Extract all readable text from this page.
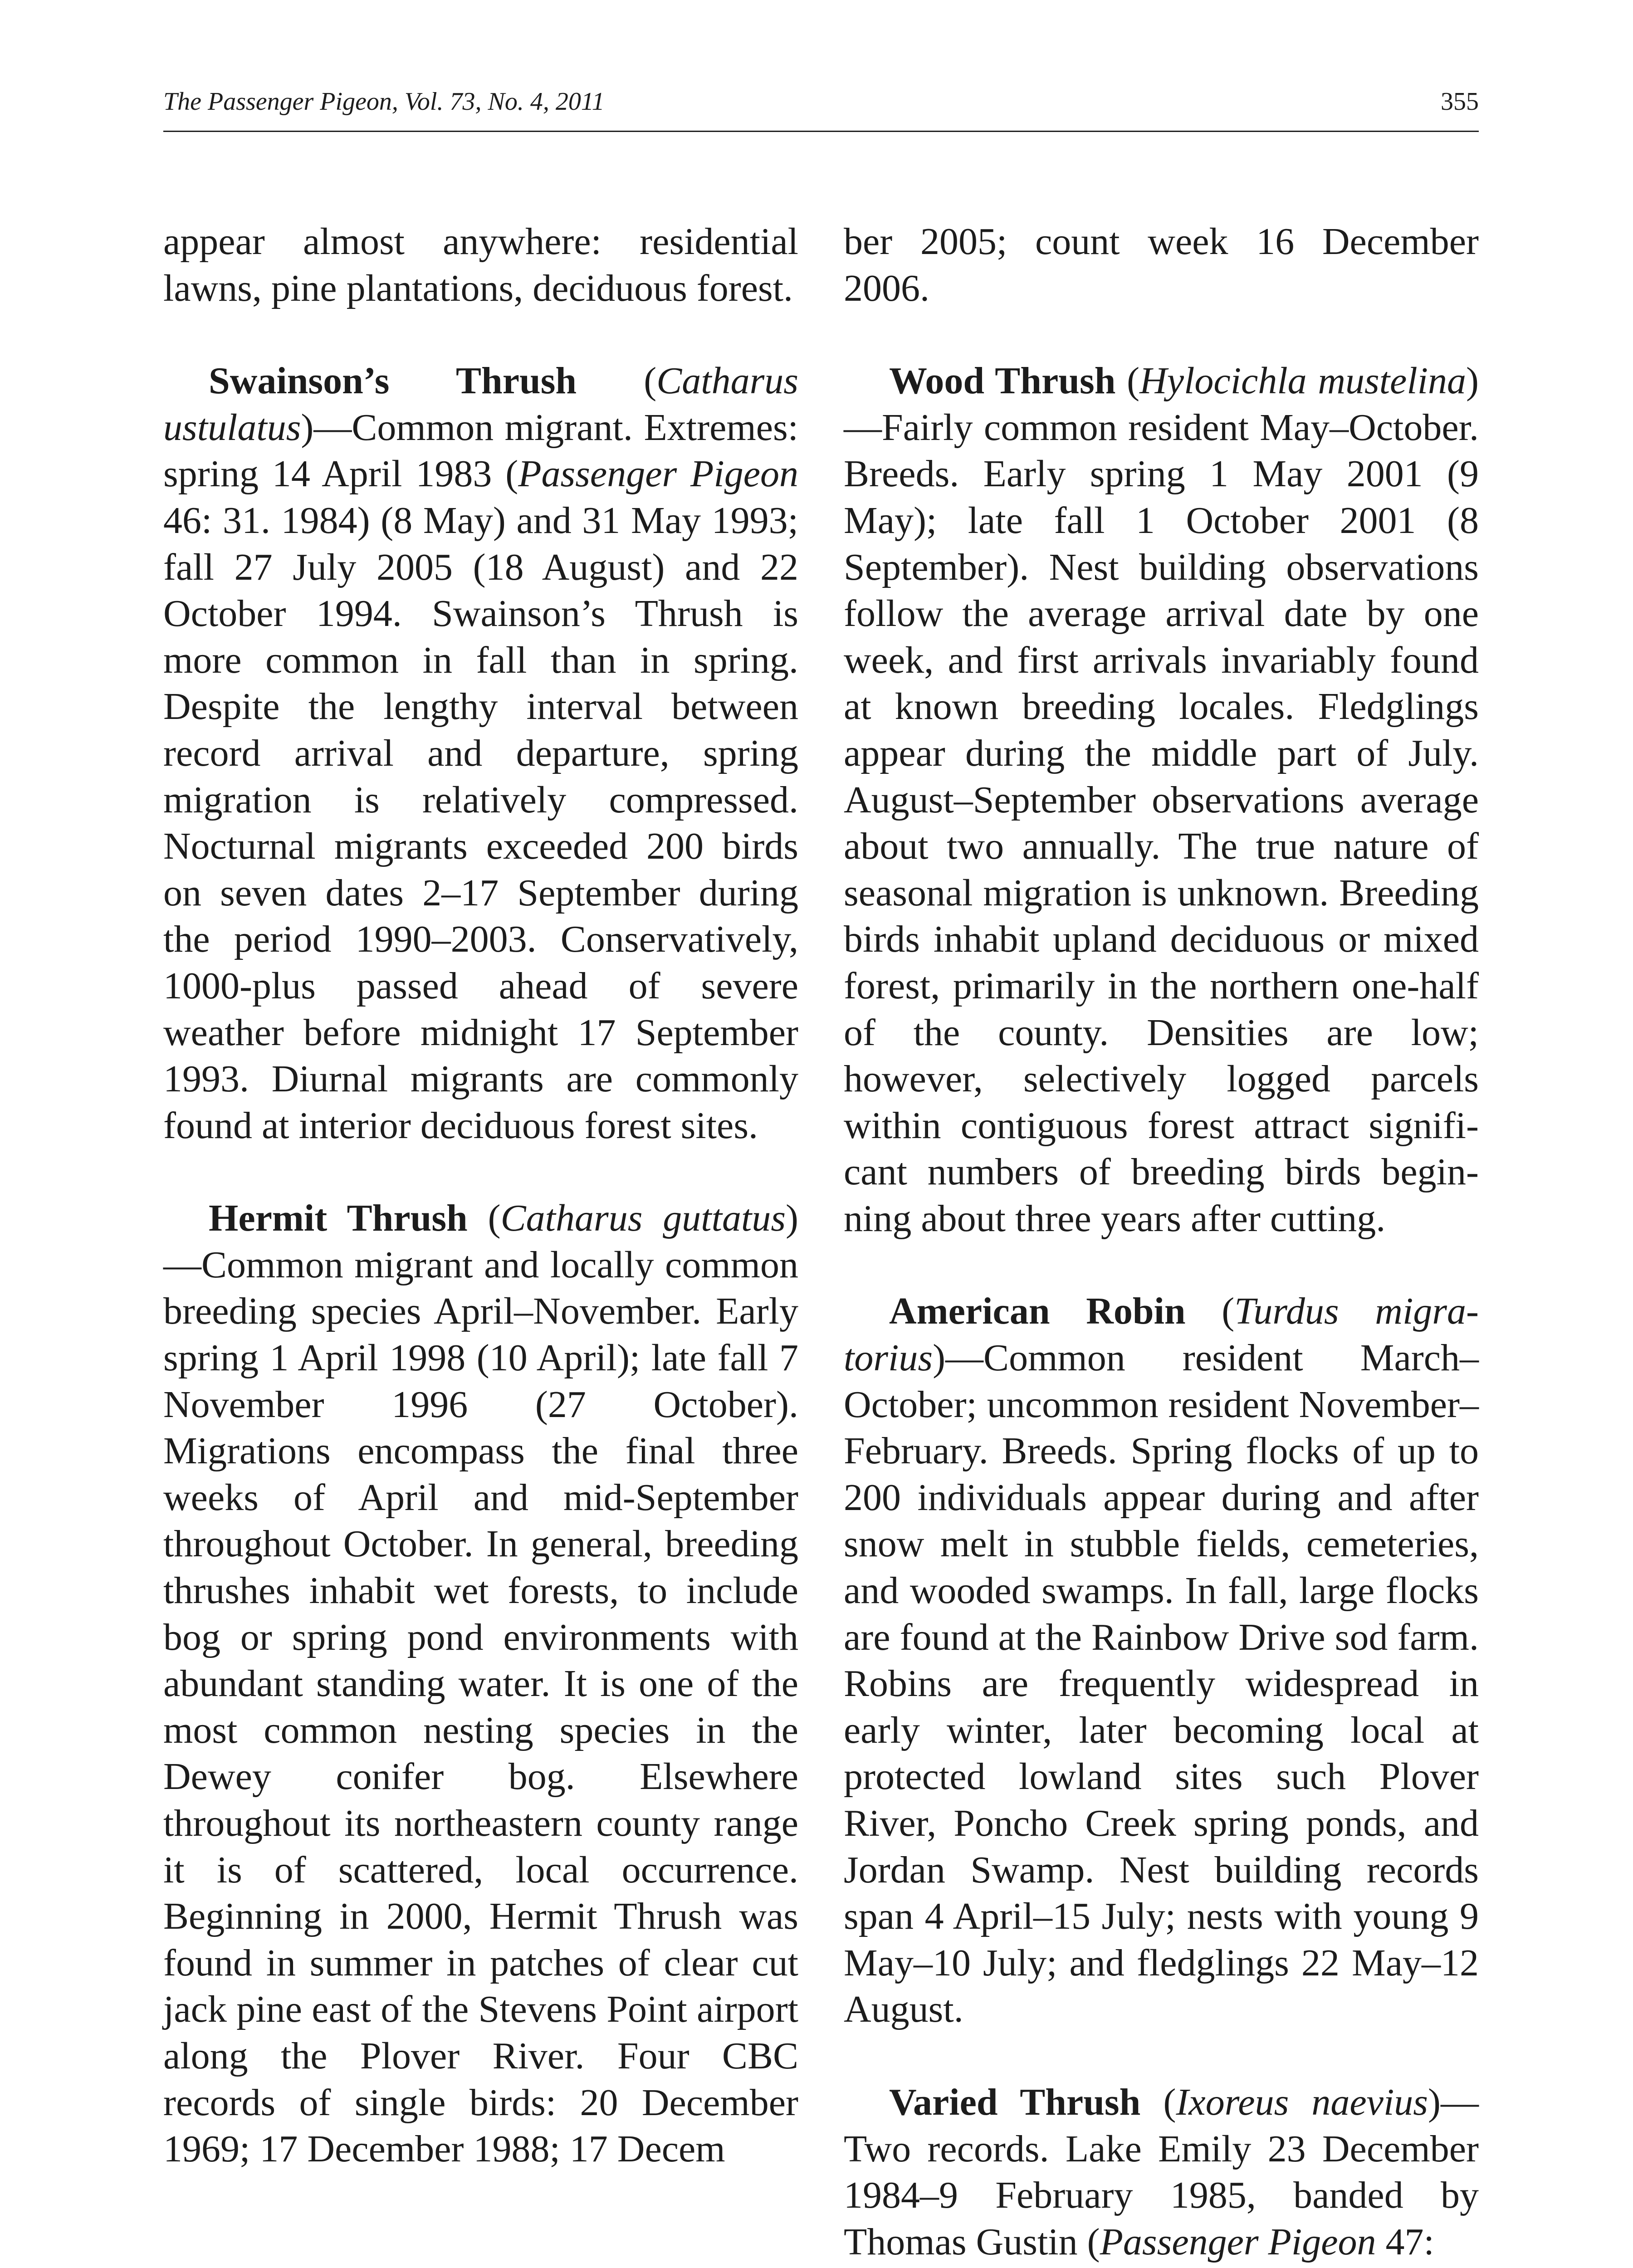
The Passenger Pigeon, Vol. 73, No. 4, 2011	355

appear almost anywhere: residential lawns, pine plantations, deciduous forest.

Swainson’s Thrush (Catharus ustulatus)—Common migrant. Extremes: spring 14 April 1983 (Passenger Pigeon 46: 31. 1984) (8 May) and 31 May 1993; fall 27 July 2005 (18 August) and 22 October 1994. Swainson’s Thrush is more common in fall than in spring. Despite the lengthy interval between record arrival and departure, spring migration is relatively compressed. Nocturnal migrants exceeded 200 birds on seven dates 2–17 September during the period 1990–2003. Conservatively, 1000-plus passed ahead of severe weather before midnight 17 September 1993. Diurnal migrants are commonly found at interior deciduous forest sites.

Hermit Thrush (Catharus guttatus)—Common migrant and locally common breeding species April–November. Early spring 1 April 1998 (10 April); late fall 7 November 1996 (27 October). Migrations encompass the final three weeks of April and mid-September throughout October. In general, breeding thrushes inhabit wet forests, to include bog or spring pond environments with abundant standing water. It is one of the most common nesting species in the Dewey conifer bog. Elsewhere throughout its northeastern county range it is of scattered, local occurrence. Beginning in 2000, Hermit Thrush was found in summer in patches of clear cut jack pine east of the Stevens Point airport along the Plover River. Four CBC records of single birds: 20 December 1969; 17 December 1988; 17 Decem

ber 2005; count week 16 December 2006.

Wood Thrush (Hylocichla mustelina)—Fairly common resident May–October. Breeds. Early spring 1 May 2001 (9 May); late fall 1 October 2001 (8 September). Nest building observations follow the average arrival date by one week, and first arrivals invariably found at known breeding locales. Fledglings appear during the middle part of July. August–September observations average about two annually. The true nature of seasonal migration is unknown. Breeding birds inhabit upland deciduous or mixed forest, primarily in the northern one-half of the county. Densities are low; however, selectively logged parcels within contiguous forest attract significant numbers of breeding birds beginning about three years after cutting.

American Robin (Turdus migratorius)—Common resident March–October; uncommon resident November–February. Breeds. Spring flocks of up to 200 individuals appear during and after snow melt in stubble fields, cemeteries, and wooded swamps. In fall, large flocks are found at the Rainbow Drive sod farm. Robins are frequently widespread in early winter, later becoming local at protected lowland sites such Plover River, Poncho Creek spring ponds, and Jordan Swamp. Nest building records span 4 April–15 July; nests with young 9 May–10 July; and fledglings 22 May–12 August.

Varied Thrush (Ixoreus naevius)—Two records. Lake Emily 23 December 1984–9 February 1985, banded by Thomas Gustin (Passenger Pigeon 47:
